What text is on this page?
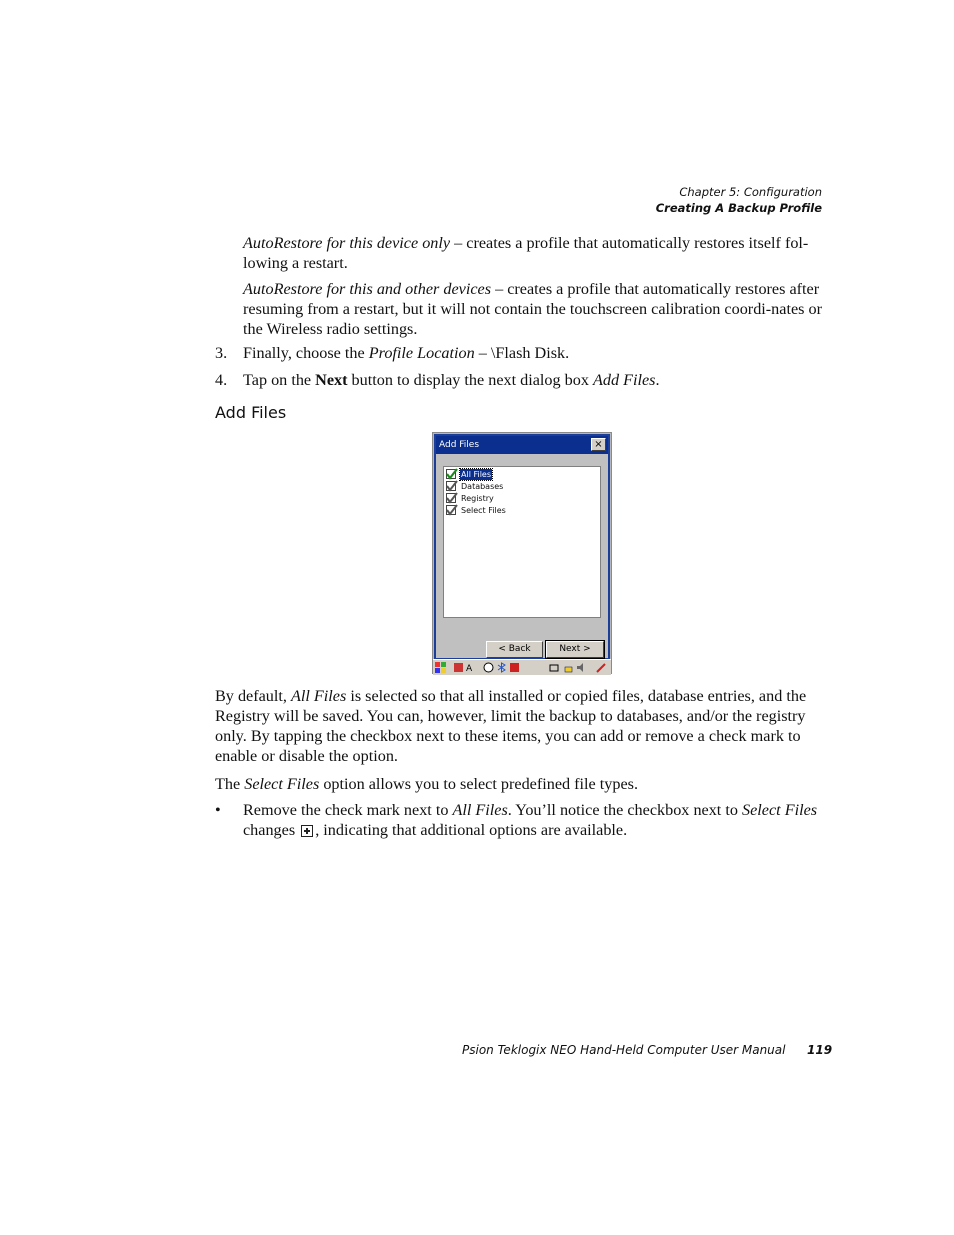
Chapter 5: Configuration
Creating A Backup Profile
AutoRestore for this device only – creates a profile that automatically restores itself fol-lowing a restart.
AutoRestore for this and other devices – creates a profile that automatically restores after resuming from a restart, but it will not contain the touchscreen calibration coordi-nates or the Wireless radio settings.
3. Finally, choose the Profile Location – \Flash Disk.
4. Tap on the Next button to display the next dialog box Add Files.
Add Files
Add Files	×
All Files
Databases
Registry
Select Files
< Back	Next >
A
By default, All Files is selected so that all installed or copied files, database entries, and the Registry will be saved. You can, however, limit the backup to databases, and/or the registry only. By tapping the checkbox next to these items, you can add or remove a check mark to enable or disable the option.
The Select Files option allows you to select predefined file types.
• Remove the check mark next to All Files. You’ll notice the checkbox next to Select Files changes , indicating that additional options are available.
Psion Teklogix NEO Hand-Held Computer User Manual 119
